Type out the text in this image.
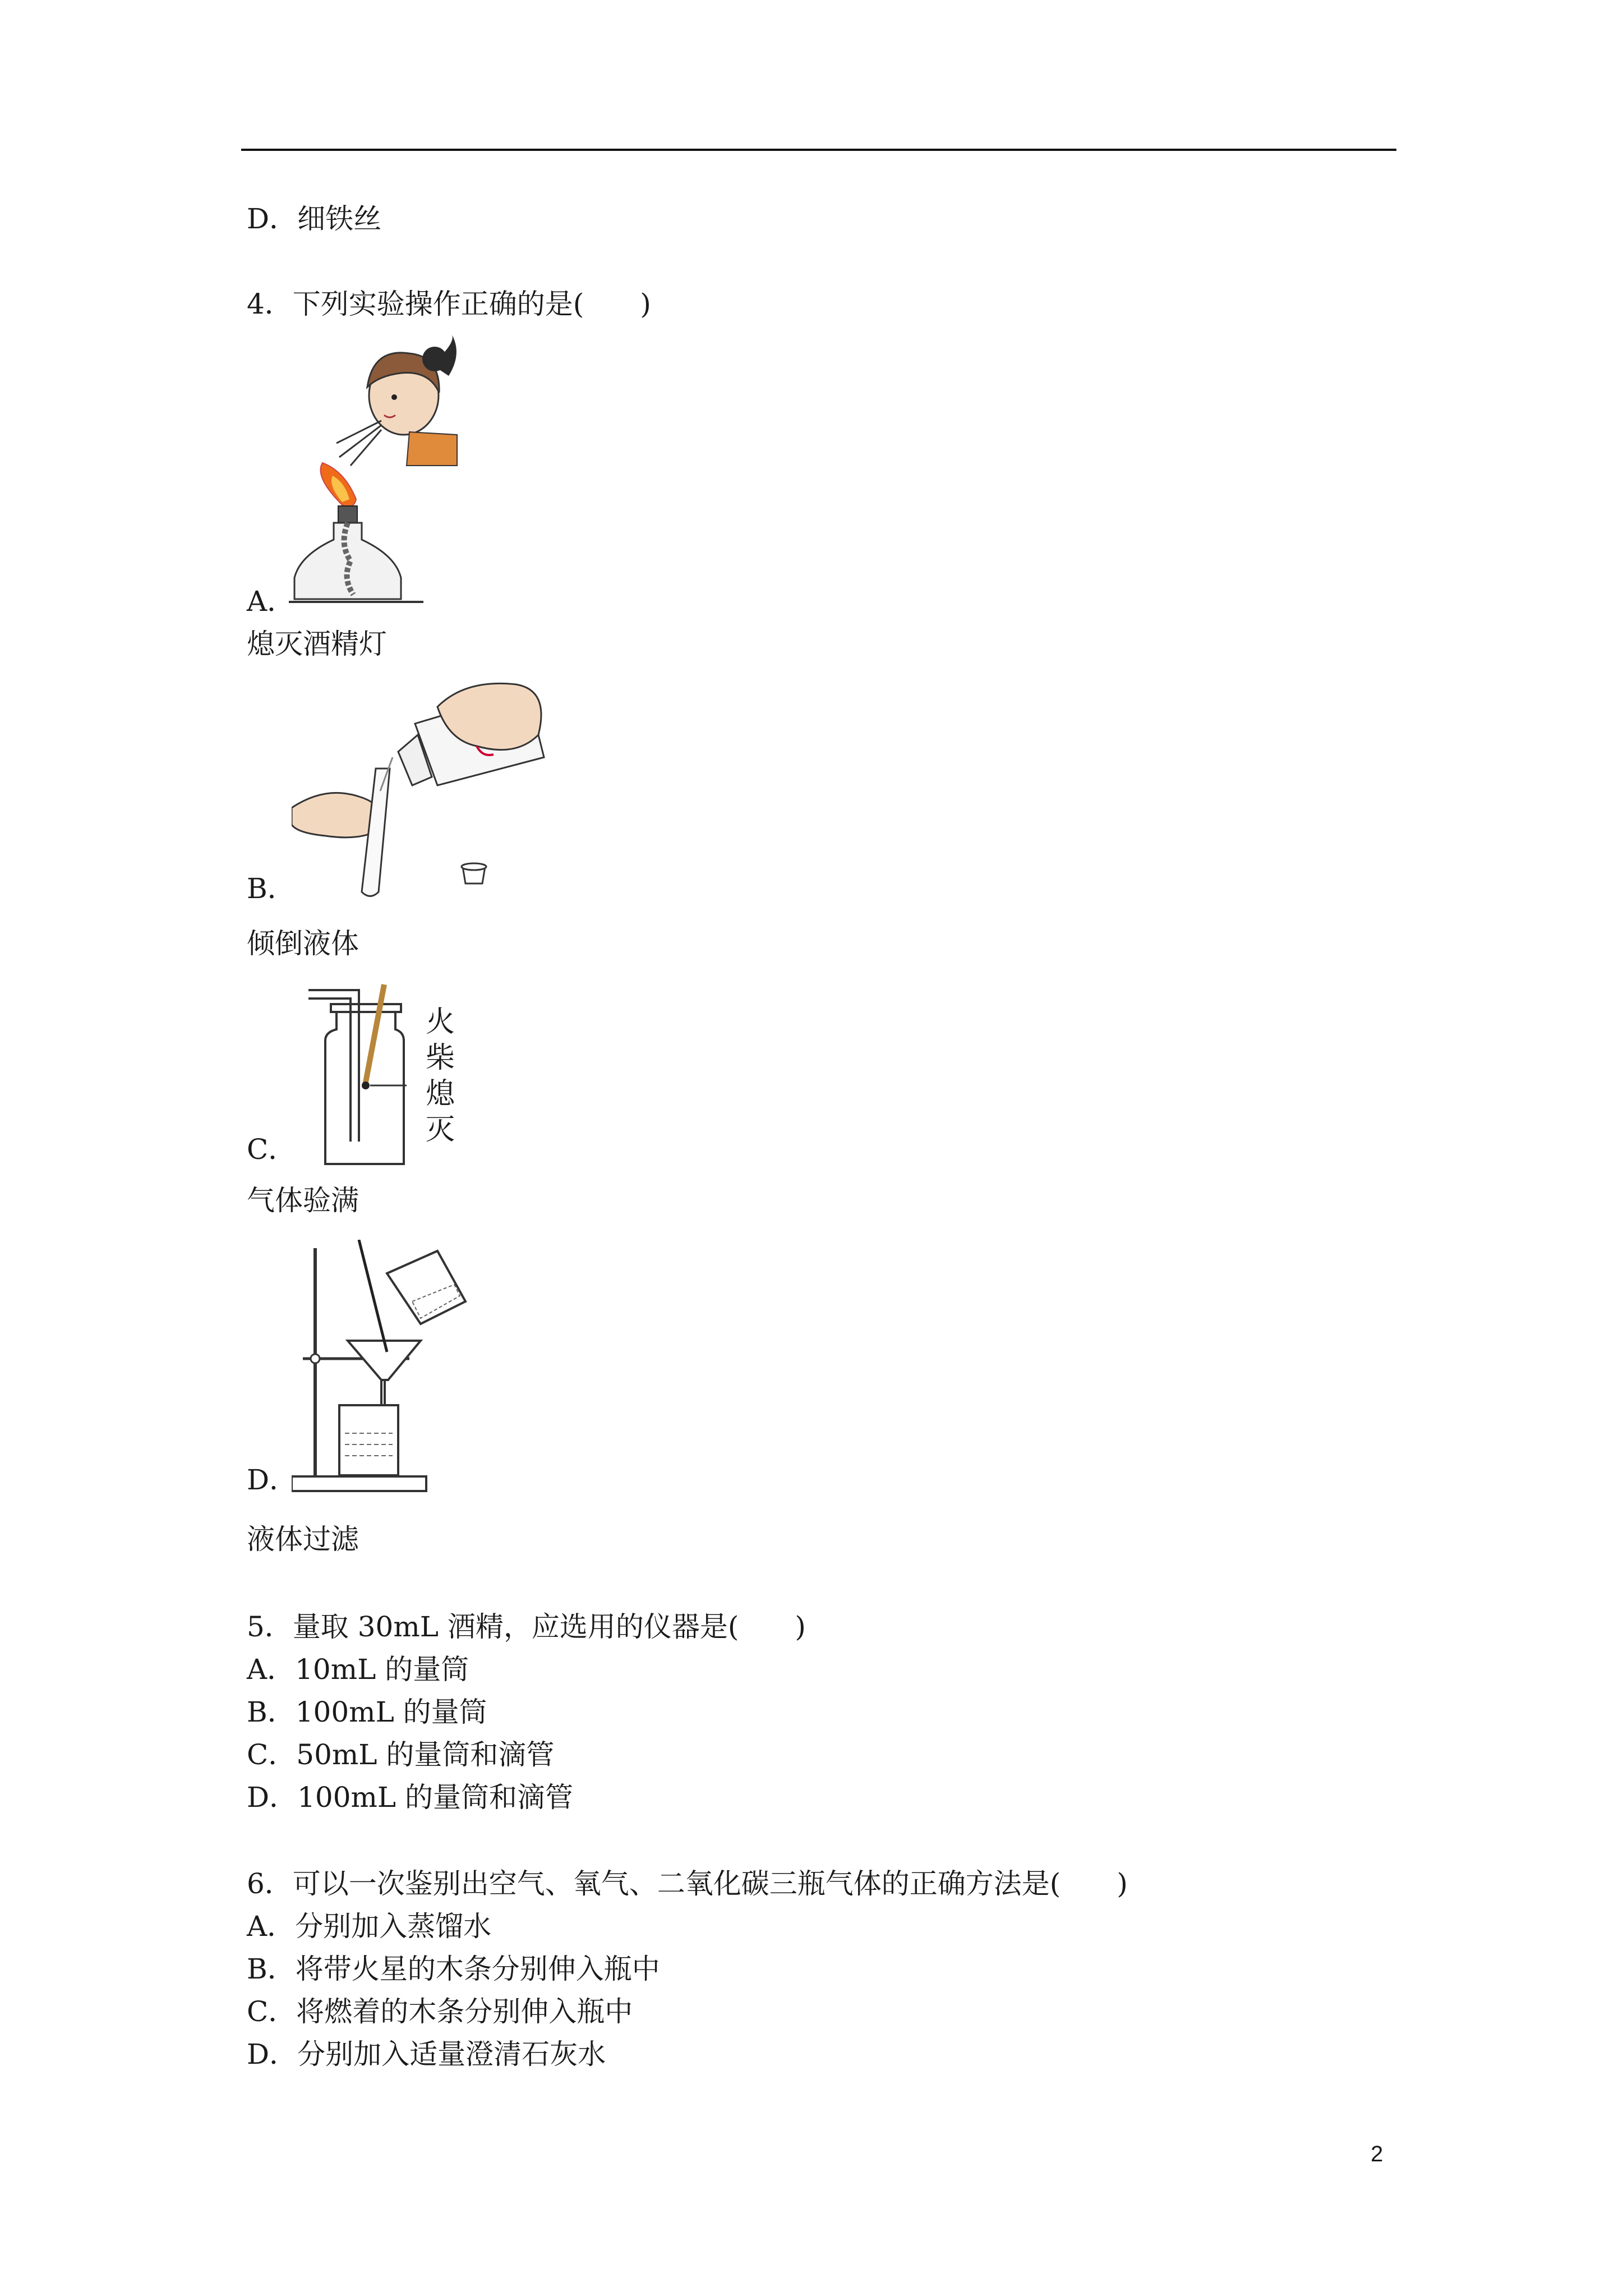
D．细铁丝
4．下列实验操作正确的是(　　)
A．
熄灭酒精灯
B．
倾倒液体
火
柴
熄
灭
C．
气体验满
D．
液体过滤
5．量取 30mL 酒精，应选用的仪器是(　　)
A．10mL 的量筒
B．100mL 的量筒
C．50mL 的量筒和滴管
D．100mL 的量筒和滴管
6．可以一次鉴别出空气、氧气、二氧化碳三瓶气体的正确方法是(　　)
A．分别加入蒸馏水
B．将带火星的木条分别伸入瓶中
C．将燃着的木条分别伸入瓶中
D．分别加入适量澄清石灰水
2
